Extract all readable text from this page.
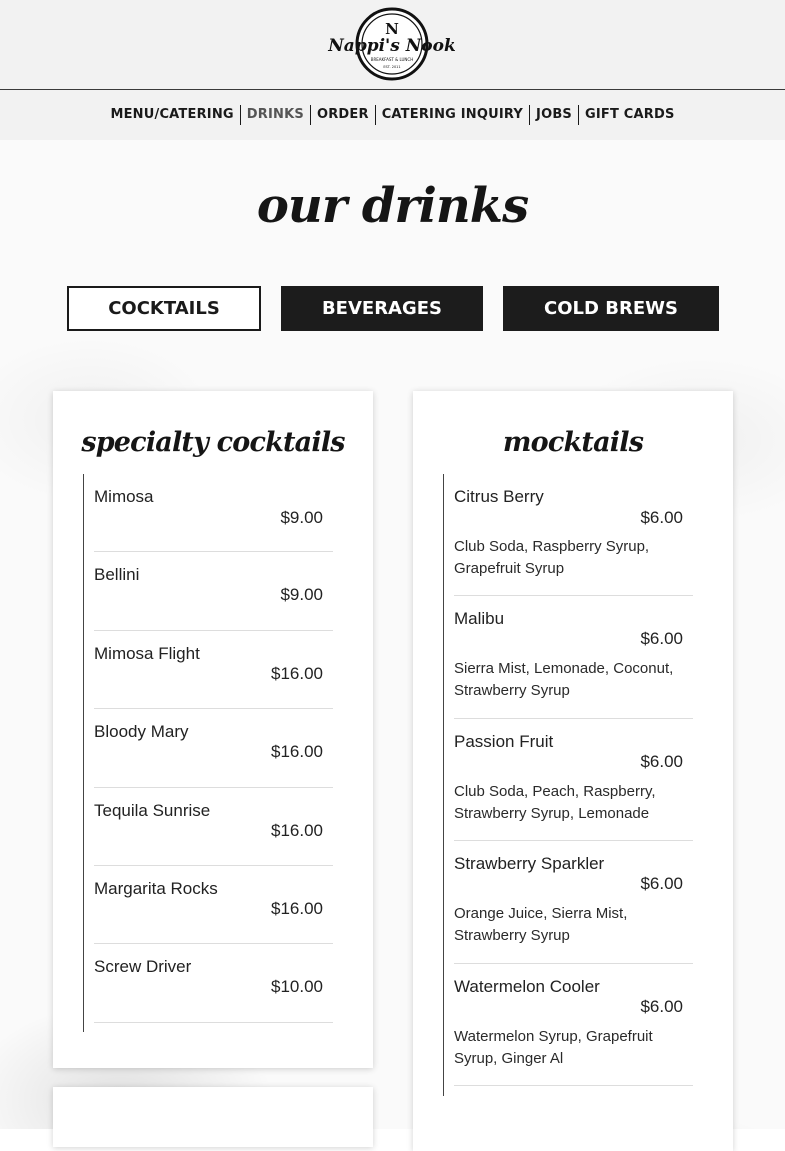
N
Nappi's Nook
BREAKFAST & LUNCH
EST. 2011
MENU/CATERING	DRINKS	ORDER	CATERING INQUIRY	JOBS	GIFT CARDS
our drinks
COCKTAILS	BEVERAGES	COLD BREWS
specialty cocktails
Mimosa
$9.00
Bellini
$9.00
Mimosa Flight
$16.00
Bloody Mary
$16.00
Tequila Sunrise
$16.00
Margarita Rocks
$16.00
Screw Driver
$10.00
mocktails
Citrus Berry
$6.00

Club Soda, Raspberry Syrup, Grapefruit Syrup

Malibu
$6.00

Sierra Mist, Lemonade, Coconut, Strawberry Syrup

Passion Fruit
$6.00

Club Soda, Peach, Raspberry, Strawberry Syrup, Lemonade

Strawberry Sparkler
$6.00

Orange Juice, Sierra Mist, Strawberry Syrup

Watermelon Cooler
$6.00

Watermelon Syrup, Grapefruit Syrup, Ginger Al
